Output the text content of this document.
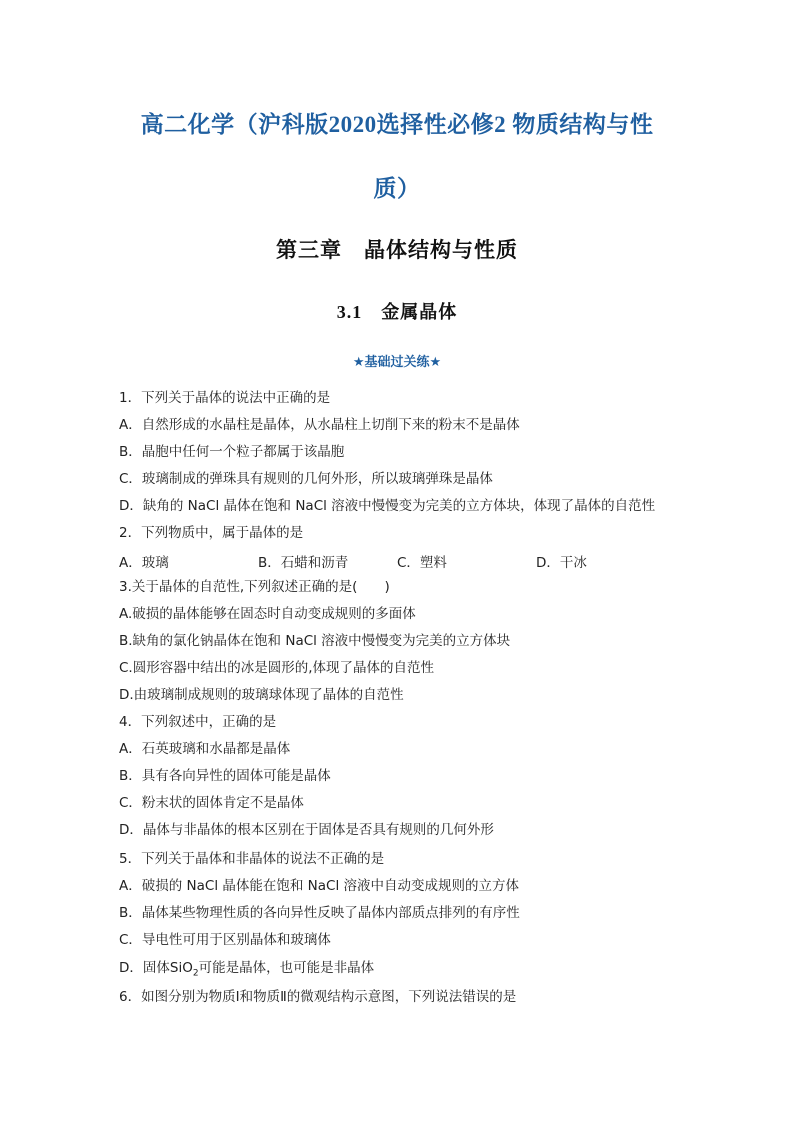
高二化学（沪科版2020选择性必修2 物质结构与性
质）
第三章　晶体结构与性质
3.1　金属晶体
★基础过关练★
1．下列关于晶体的说法中正确的是
A．自然形成的水晶柱是晶体，从水晶柱上切削下来的粉末不是晶体
B．晶胞中任何一个粒子都属于该晶胞
C．玻璃制成的弹珠具有规则的几何外形，所以玻璃弹珠是晶体
D．缺角的 NaCl 晶体在饱和 NaCl 溶液中慢慢变为完美的立方体块，体现了晶体的自范性
2．下列物质中，属于晶体的是
A．玻璃	B．石蜡和沥青	C．塑料	D．干冰
3.关于晶体的自范性,下列叙述正确的是(　　)
A.破损的晶体能够在固态时自动变成规则的多面体
B.缺角的氯化钠晶体在饱和 NaCl 溶液中慢慢变为完美的立方体块
C.圆形容器中结出的冰是圆形的,体现了晶体的自范性
D.由玻璃制成规则的玻璃球体现了晶体的自范性
4．下列叙述中，正确的是
A．石英玻璃和水晶都是晶体
B．具有各向异性的固体可能是晶体
C．粉末状的固体肯定不是晶体
D．晶体与非晶体的根本区别在于固体是否具有规则的几何外形
5．下列关于晶体和非晶体的说法不正确的是
A．破损的 NaCl 晶体能在饱和 NaCl 溶液中自动变成规则的立方体
B．晶体某些物理性质的各向异性反映了晶体内部质点排列的有序性
C．导电性可用于区别晶体和玻璃体
D．固体SiO$_2$可能是晶体，也可能是非晶体
6．如图分别为物质Ⅰ和物质Ⅱ的微观结构示意图，下列说法错误的是
